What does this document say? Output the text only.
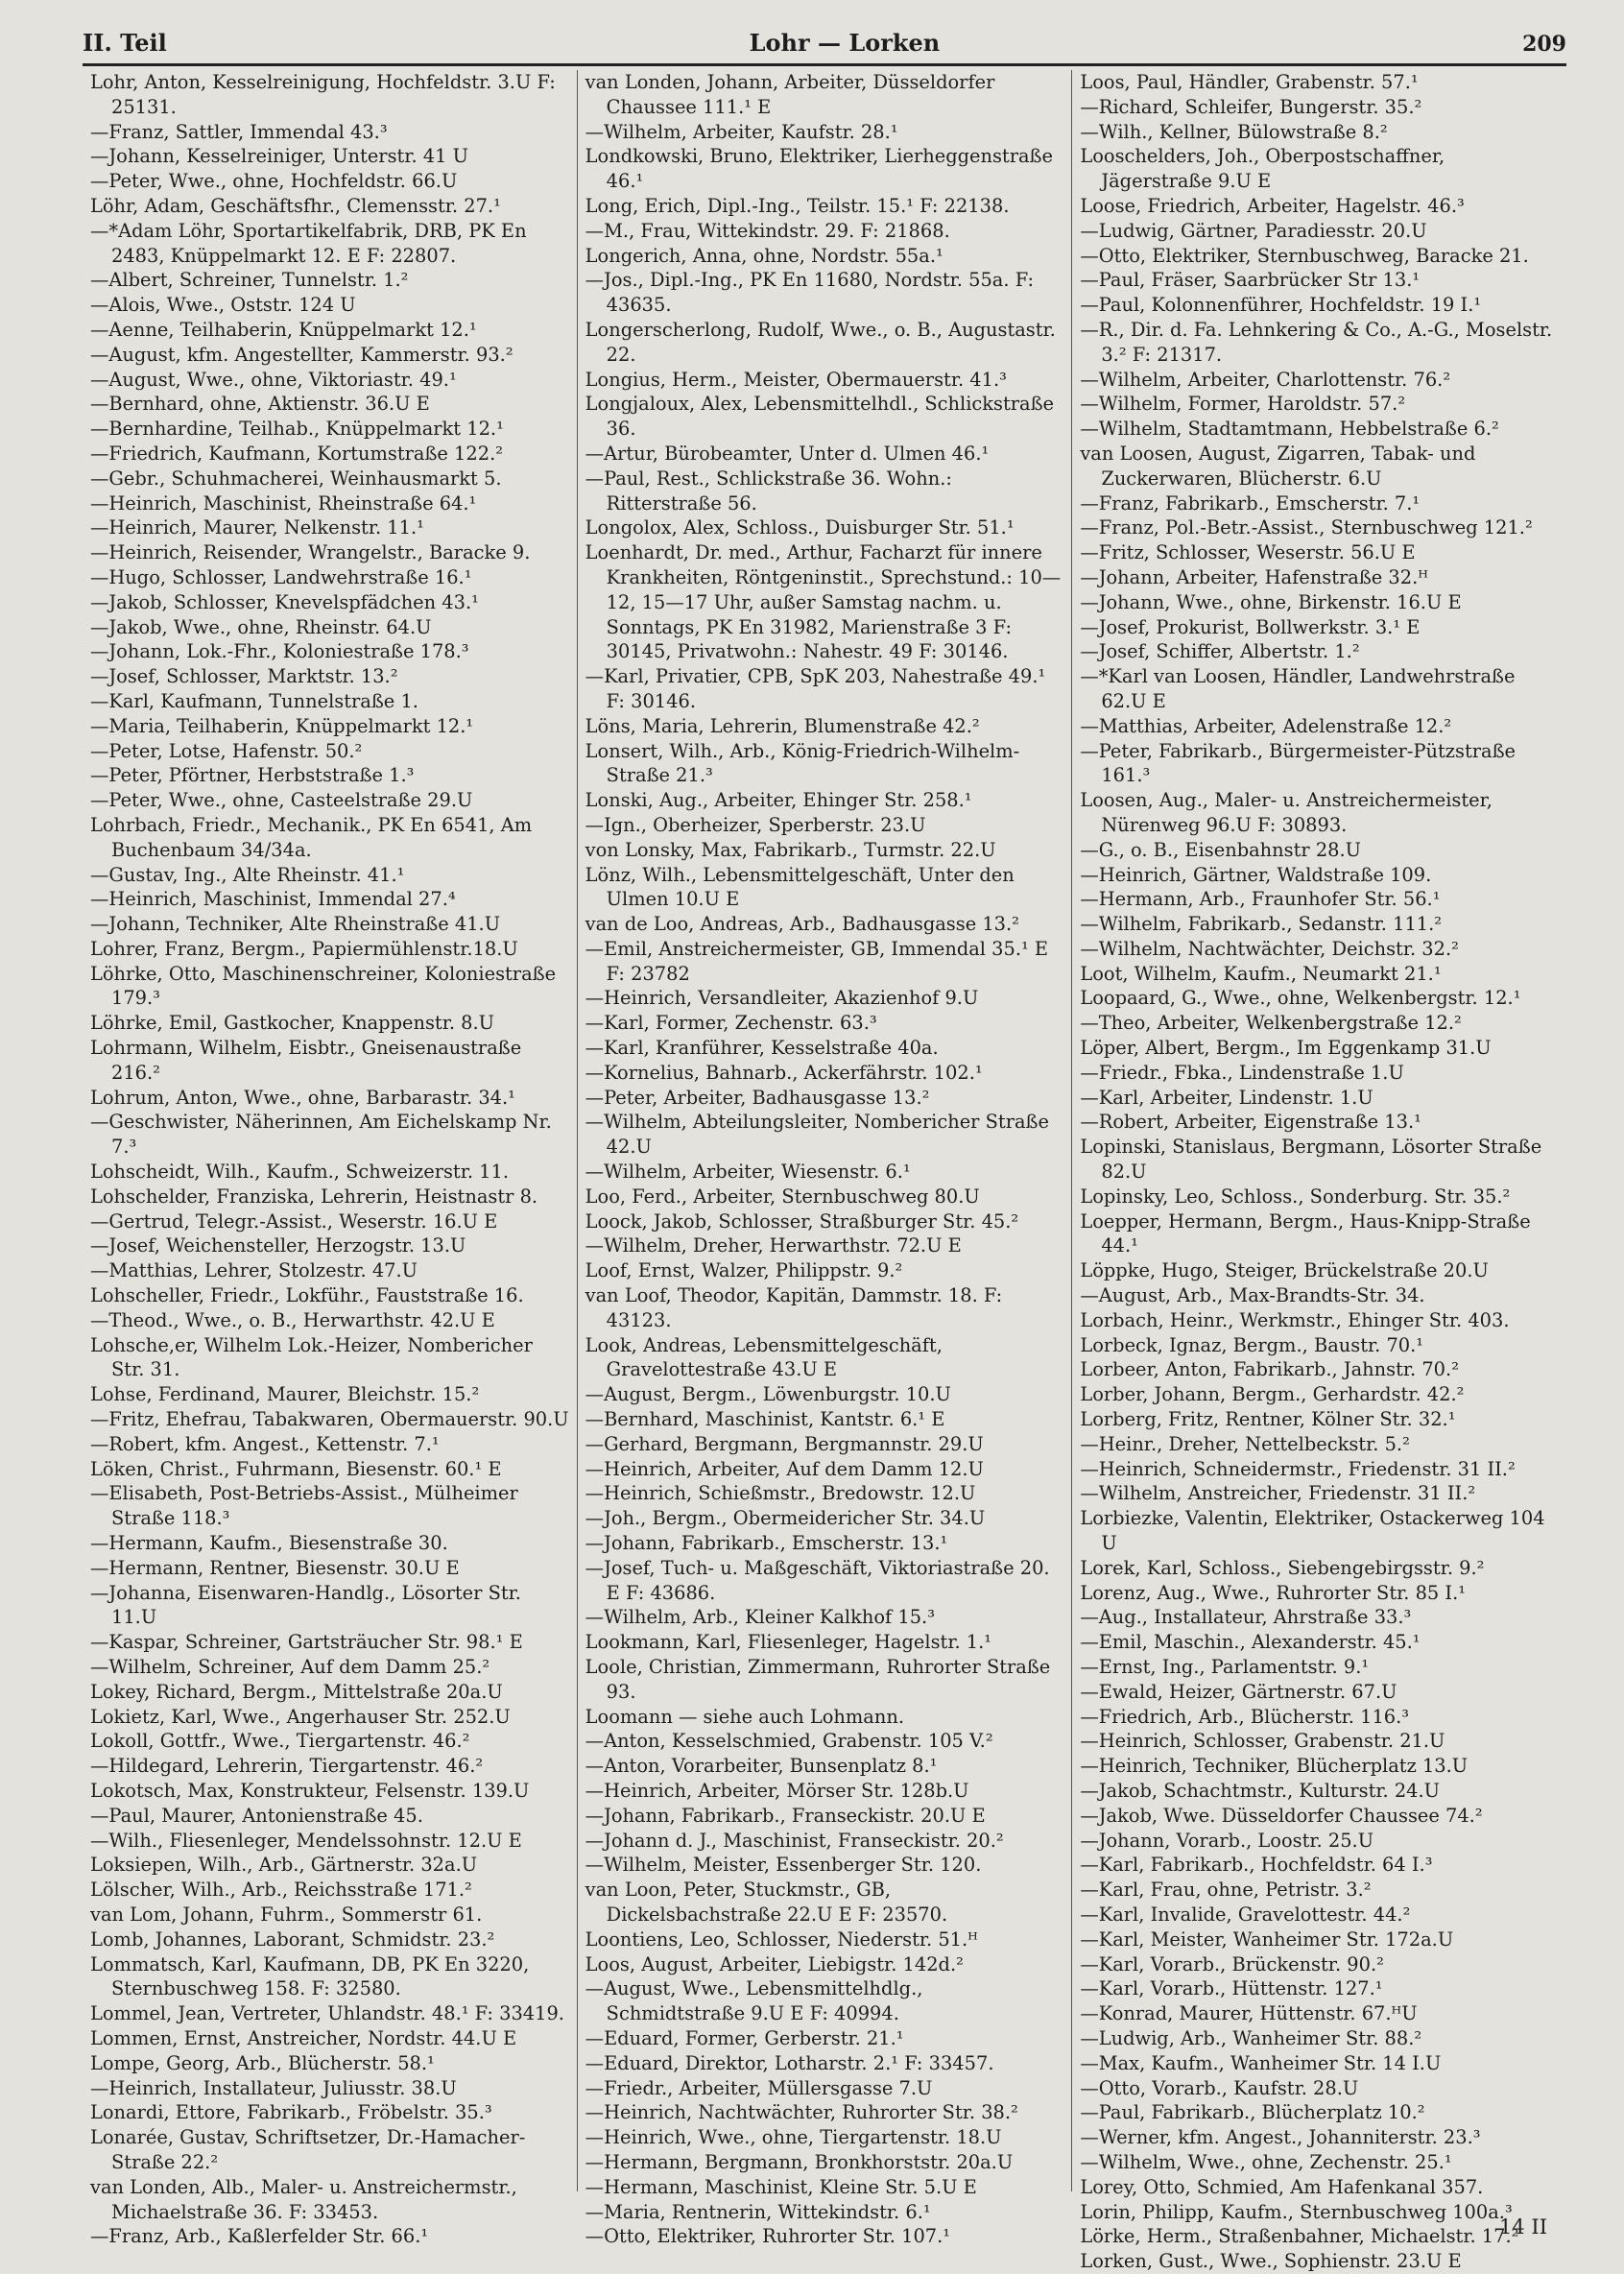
II. Teil	Lohr — Lorken	209

Lohr, Anton, Kesselreinigung, Hochfeldstr. 3.U F: 25131.

—Franz, Sattler, Immendal 43.³

—Johann, Kesselreiniger, Unterstr. 41 U

—Peter, Wwe., ohne, Hochfeldstr. 66.U

Löhr, Adam, Geschäftsfhr., Clemensstr. 27.¹

—*Adam Löhr, Sportartikelfabrik, DRB, PK En 2483, Knüppelmarkt 12. E F: 22807.

—Albert, Schreiner, Tunnelstr. 1.²

—Alois, Wwe., Oststr. 124 U

—Aenne, Teilhaberin, Knüppelmarkt 12.¹

—August, kfm. Angestellter, Kammerstr. 93.²

—August, Wwe., ohne, Viktoriastr. 49.¹

—Bernhard, ohne, Aktienstr. 36.U E

—Bernhardine, Teilhab., Knüppelmarkt 12.¹

—Friedrich, Kaufmann, Kortumstraße 122.²

—Gebr., Schuhmacherei, Weinhausmarkt 5.

—Heinrich, Maschinist, Rheinstraße 64.¹

—Heinrich, Maurer, Nelkenstr. 11.¹

—Heinrich, Reisender, Wrangelstr., Baracke 9.

—Hugo, Schlosser, Landwehrstraße 16.¹

—Jakob, Schlosser, Knevelspfädchen 43.¹

—Jakob, Wwe., ohne, Rheinstr. 64.U

—Johann, Lok.-Fhr., Koloniestraße 178.³

—Josef, Schlosser, Marktstr. 13.²

—Karl, Kaufmann, Tunnelstraße 1.

—Maria, Teilhaberin, Knüppelmarkt 12.¹

—Peter, Lotse, Hafenstr. 50.²

—Peter, Pförtner, Herbststraße 1.³

—Peter, Wwe., ohne, Casteelstraße 29.U

Lohrbach, Friedr., Mechanik., PK En 6541, Am Buchenbaum 34/34a.

—Gustav, Ing., Alte Rheinstr. 41.¹

—Heinrich, Maschinist, Immendal 27.⁴

—Johann, Techniker, Alte Rheinstraße 41.U

Lohrer, Franz, Bergm., Papiermühlenstr.18.U

Löhrke, Otto, Maschinenschreiner, Koloniestraße 179.³

Löhrke, Emil, Gastkocher, Knappenstr. 8.U

Lohrmann, Wilhelm, Eisbtr., Gneisenaustraße 216.²

Lohrum, Anton, Wwe., ohne, Barbarastr. 34.¹

—Geschwister, Näherinnen, Am Eichelskamp Nr. 7.³

Lohscheidt, Wilh., Kaufm., Schweizerstr. 11.

Lohschelder, Franziska, Lehrerin, Heistnastr 8.

—Gertrud, Telegr.-Assist., Weserstr. 16.U E

—Josef, Weichensteller, Herzogstr. 13.U

—Matthias, Lehrer, Stolzestr. 47.U

Lohscheller, Friedr., Lokführ., Fauststraße 16.

—Theod., Wwe., o. B., Herwarthstr. 42.U E

Lohsche,er, Wilhelm Lok.-Heizer, Nombericher Str. 31.

Lohse, Ferdinand, Maurer, Bleichstr. 15.²

—Fritz, Ehefrau, Tabakwaren, Obermauerstr. 90.U

—Robert, kfm. Angest., Kettenstr. 7.¹

Löken, Christ., Fuhrmann, Biesenstr. 60.¹ E

—Elisabeth, Post-Betriebs-Assist., Mülheimer Straße 118.³

—Hermann, Kaufm., Biesenstraße 30.

—Hermann, Rentner, Biesenstr. 30.U E

—Johanna, Eisenwaren-Handlg., Lösorter Str. 11.U

—Kaspar, Schreiner, Gartsträucher Str. 98.¹ E

—Wilhelm, Schreiner, Auf dem Damm 25.²

Lokey, Richard, Bergm., Mittelstraße 20a.U

Lokietz, Karl, Wwe., Angerhauser Str. 252.U

Lokoll, Gottfr., Wwe., Tiergartenstr. 46.²

—Hildegard, Lehrerin, Tiergartenstr. 46.²

Lokotsch, Max, Konstrukteur, Felsenstr. 139.U

—Paul, Maurer, Antonienstraße 45.

—Wilh., Fliesenleger, Mendelssohnstr. 12.U E

Loksiepen, Wilh., Arb., Gärtnerstr. 32a.U

Lölscher, Wilh., Arb., Reichsstraße 171.²

van Lom, Johann, Fuhrm., Sommerstr 61.

Lomb, Johannes, Laborant, Schmidstr. 23.²

Lommatsch, Karl, Kaufmann, DB, PK En 3220, Sternbuschweg 158. F: 32580.

Lommel, Jean, Vertreter, Uhlandstr. 48.¹ F: 33419.

Lommen, Ernst, Anstreicher, Nordstr. 44.U E

Lompe, Georg, Arb., Blücherstr. 58.¹

—Heinrich, Installateur, Juliusstr. 38.U

Lonardi, Ettore, Fabrikarb., Fröbelstr. 35.³

Lonarée, Gustav, Schriftsetzer, Dr.-Hamacher-Straße 22.²

van Londen, Alb., Maler- u. Anstreichermstr., Michaelstraße 36. F: 33453.

—Franz, Arb., Kaßlerfelder Str. 66.¹

van Londen, Johann, Arbeiter, Düsseldorfer Chaussee 111.¹ E

—Wilhelm, Arbeiter, Kaufstr. 28.¹

Londkowski, Bruno, Elektriker, Lierheggenstraße 46.¹

Long, Erich, Dipl.-Ing., Teilstr. 15.¹ F: 22138.

—M., Frau, Wittekindstr. 29. F: 21868.

Longerich, Anna, ohne, Nordstr. 55a.¹

—Jos., Dipl.-Ing., PK En 11680, Nordstr. 55a. F: 43635.

Longerscherlong, Rudolf, Wwe., o. B., Augustastr. 22.

Longius, Herm., Meister, Obermauerstr. 41.³

Longjaloux, Alex, Lebensmittelhdl., Schlickstraße 36.

—Artur, Bürobeamter, Unter d. Ulmen 46.¹

—Paul, Rest., Schlickstraße 36. Wohn.: Ritterstraße 56.

Longolox, Alex, Schloss., Duisburger Str. 51.¹

Loenhardt, Dr. med., Arthur, Facharzt für innere Krankheiten, Röntgeninstit., Sprechstund.: 10—12, 15—17 Uhr, außer Samstag nachm. u. Sonntags, PK En 31982, Marienstraße 3 F: 30145, Privatwohn.: Nahestr. 49 F: 30146.

—Karl, Privatier, CPB, SpK 203, Nahestraße 49.¹ F: 30146.

Löns, Maria, Lehrerin, Blumenstraße 42.²

Lonsert, Wilh., Arb., König-Friedrich-Wilhelm-Straße 21.³

Lonski, Aug., Arbeiter, Ehinger Str. 258.¹

—Ign., Oberheizer, Sperberstr. 23.U

von Lonsky, Max, Fabrikarb., Turmstr. 22.U

Lönz, Wilh., Lebensmittelgeschäft, Unter den Ulmen 10.U E

van de Loo, Andreas, Arb., Badhausgasse 13.²

—Emil, Anstreichermeister, GB, Immendal 35.¹ E F: 23782

—Heinrich, Versandleiter, Akazienhof 9.U

—Karl, Former, Zechenstr. 63.³

—Karl, Kranführer, Kesselstraße 40a.

—Kornelius, Bahnarb., Ackerfährstr. 102.¹

—Peter, Arbeiter, Badhausgasse 13.²

—Wilhelm, Abteilungsleiter, Nombericher Straße 42.U

—Wilhelm, Arbeiter, Wiesenstr. 6.¹

Loo, Ferd., Arbeiter, Sternbuschweg 80.U

Loock, Jakob, Schlosser, Straßburger Str. 45.²

—Wilhelm, Dreher, Herwarthstr. 72.U E

Loof, Ernst, Walzer, Philippstr. 9.²

van Loof, Theodor, Kapitän, Dammstr. 18. F: 43123.

Look, Andreas, Lebensmittelgeschäft, Gravelottestraße 43.U E

—August, Bergm., Löwenburgstr. 10.U

—Bernhard, Maschinist, Kantstr. 6.¹ E

—Gerhard, Bergmann, Bergmannstr. 29.U

—Heinrich, Arbeiter, Auf dem Damm 12.U

—Heinrich, Schießmstr., Bredowstr. 12.U

—Joh., Bergm., Obermeidericher Str. 34.U

—Johann, Fabrikarb., Emscherstr. 13.¹

—Josef, Tuch- u. Maßgeschäft, Viktoriastraße 20. E F: 43686.

—Wilhelm, Arb., Kleiner Kalkhof 15.³

Lookmann, Karl, Fliesenleger, Hagelstr. 1.¹

Loole, Christian, Zimmermann, Ruhrorter Straße 93.

Loomann — siehe auch Lohmann.

—Anton, Kesselschmied, Grabenstr. 105 V.²

—Anton, Vorarbeiter, Bunsenplatz 8.¹

—Heinrich, Arbeiter, Mörser Str. 128b.U

—Johann, Fabrikarb., Franseckistr. 20.U E

—Johann d. J., Maschinist, Franseckistr. 20.²

—Wilhelm, Meister, Essenberger Str. 120.

van Loon, Peter, Stuckmstr., GB, Dickelsbachstraße 22.U E F: 23570.

Loontiens, Leo, Schlosser, Niederstr. 51.ᴴ

Loos, August, Arbeiter, Liebigstr. 142d.²

—August, Wwe., Lebensmittelhdlg., Schmidtstraße 9.U E F: 40994.

—Eduard, Former, Gerberstr. 21.¹

—Eduard, Direktor, Lotharstr. 2.¹ F: 33457.

—Friedr., Arbeiter, Müllersgasse 7.U

—Heinrich, Nachtwächter, Ruhrorter Str. 38.²

—Heinrich, Wwe., ohne, Tiergartenstr. 18.U

—Hermann, Bergmann, Bronkhorststr. 20a.U

—Hermann, Maschinist, Kleine Str. 5.U E

—Maria, Rentnerin, Wittekindstr. 6.¹

—Otto, Elektriker, Ruhrorter Str. 107.¹

Loos, Paul, Händler, Grabenstr. 57.¹

—Richard, Schleifer, Bungerstr. 35.²

—Wilh., Kellner, Bülowstraße 8.²

Looschelders, Joh., Oberpostschaffner, Jägerstraße 9.U E

Loose, Friedrich, Arbeiter, Hagelstr. 46.³

—Ludwig, Gärtner, Paradiesstr. 20.U

—Otto, Elektriker, Sternbuschweg, Baracke 21.

—Paul, Fräser, Saarbrücker Str 13.¹

—Paul, Kolonnenführer, Hochfeldstr. 19 I.¹

—R., Dir. d. Fa. Lehnkering & Co., A.-G., Moselstr. 3.² F: 21317.

—Wilhelm, Arbeiter, Charlottenstr. 76.²

—Wilhelm, Former, Haroldstr. 57.²

—Wilhelm, Stadtamtmann, Hebbelstraße 6.²

van Loosen, August, Zigarren, Tabak- und Zuckerwaren, Blücherstr. 6.U

—Franz, Fabrikarb., Emscherstr. 7.¹

—Franz, Pol.-Betr.-Assist., Sternbuschweg 121.²

—Fritz, Schlosser, Weserstr. 56.U E

—Johann, Arbeiter, Hafenstraße 32.ᴴ

—Johann, Wwe., ohne, Birkenstr. 16.U E

—Josef, Prokurist, Bollwerkstr. 3.¹ E

—Josef, Schiffer, Albertstr. 1.²

—*Karl van Loosen, Händler, Landwehrstraße 62.U E

—Matthias, Arbeiter, Adelenstraße 12.²

—Peter, Fabrikarb., Bürgermeister-Pützstraße 161.³

Loosen, Aug., Maler- u. Anstreichermeister, Nürenweg 96.U F: 30893.

—G., o. B., Eisenbahnstr 28.U

—Heinrich, Gärtner, Waldstraße 109.

—Hermann, Arb., Fraunhofer Str. 56.¹

—Wilhelm, Fabrikarb., Sedanstr. 111.²

—Wilhelm, Nachtwächter, Deichstr. 32.²

Loot, Wilhelm, Kaufm., Neumarkt 21.¹

Loopaard, G., Wwe., ohne, Welkenbergstr. 12.¹

—Theo, Arbeiter, Welkenbergstraße 12.²

Löper, Albert, Bergm., Im Eggenkamp 31.U

—Friedr., Fbka., Lindenstraße 1.U

—Karl, Arbeiter, Lindenstr. 1.U

—Robert, Arbeiter, Eigenstraße 13.¹

Lopinski, Stanislaus, Bergmann, Lösorter Straße 82.U

Lopinsky, Leo, Schloss., Sonderburg. Str. 35.²

Loepper, Hermann, Bergm., Haus-Knipp-Straße 44.¹

Löppke, Hugo, Steiger, Brückelstraße 20.U

—August, Arb., Max-Brandts-Str. 34.

Lorbach, Heinr., Werkmstr., Ehinger Str. 403.

Lorbeck, Ignaz, Bergm., Baustr. 70.¹

Lorbeer, Anton, Fabrikarb., Jahnstr. 70.²

Lorber, Johann, Bergm., Gerhardstr. 42.²

Lorberg, Fritz, Rentner, Kölner Str. 32.¹

—Heinr., Dreher, Nettelbeckstr. 5.²

—Heinrich, Schneidermstr., Friedenstr. 31 II.²

—Wilhelm, Anstreicher, Friedenstr. 31 II.²

Lorbiezke, Valentin, Elektriker, Ostackerweg 104 U

Lorek, Karl, Schloss., Siebengebirgsstr. 9.²

Lorenz, Aug., Wwe., Ruhrorter Str. 85 I.¹

—Aug., Installateur, Ahrstraße 33.³

—Emil, Maschin., Alexanderstr. 45.¹

—Ernst, Ing., Parlamentstr. 9.¹

—Ewald, Heizer, Gärtnerstr. 67.U

—Friedrich, Arb., Blücherstr. 116.³

—Heinrich, Schlosser, Grabenstr. 21.U

—Heinrich, Techniker, Blücherplatz 13.U

—Jakob, Schachtmstr., Kulturstr. 24.U

—Jakob, Wwe. Düsseldorfer Chaussee 74.²

—Johann, Vorarb., Loostr. 25.U

—Karl, Fabrikarb., Hochfeldstr. 64 I.³

—Karl, Frau, ohne, Petristr. 3.²

—Karl, Invalide, Gravelottestr. 44.²

—Karl, Meister, Wanheimer Str. 172a.U

—Karl, Vorarb., Brückenstr. 90.²

—Karl, Vorarb., Hüttenstr. 127.¹

—Konrad, Maurer, Hüttenstr. 67.ᴴU

—Ludwig, Arb., Wanheimer Str. 88.²

—Max, Kaufm., Wanheimer Str. 14 I.U

—Otto, Vorarb., Kaufstr. 28.U

—Paul, Fabrikarb., Blücherplatz 10.²

—Werner, kfm. Angest., Johanniterstr. 23.³

—Wilhelm, Wwe., ohne, Zechenstr. 25.¹

Lorey, Otto, Schmied, Am Hafenkanal 357.

Lorin, Philipp, Kaufm., Sternbuschweg 100a.³

Lörke, Herm., Straßenbahner, Michaelstr. 17.²

Lorken, Gust., Wwe., Sophienstr. 23.U E

14 II
